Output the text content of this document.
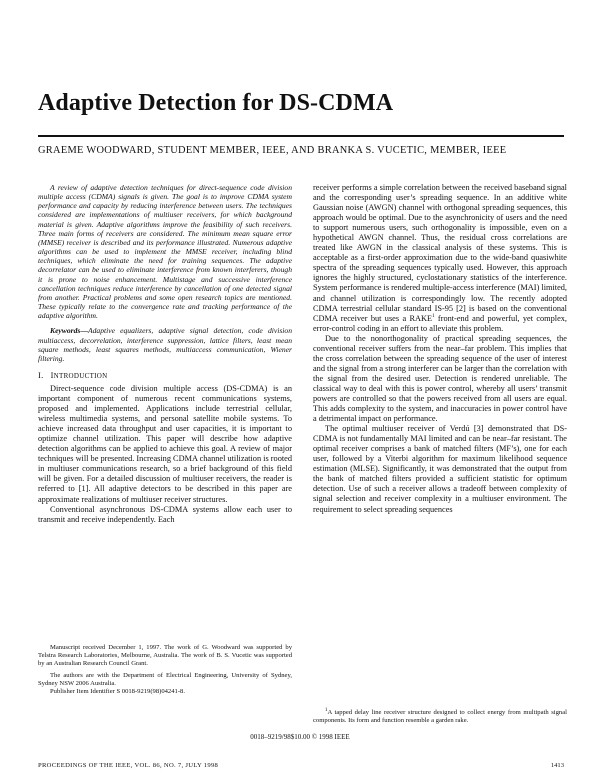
Adaptive Detection for DS-CDMA
GRAEME WOODWARD, STUDENT MEMBER, IEEE, AND BRANKA S. VUCETIC, MEMBER, IEEE

A review of adaptive detection techniques for direct-sequence code division multiple access (CDMA) signals is given. The goal is to improve CDMA system performance and capacity by reducing interference between users. The techniques considered are implementations of multiuser receivers, for which background material is given. Adaptive algorithms improve the feasibility of such receivers. Three main forms of receivers are considered. The minimum mean square error (MMSE) receiver is described and its performance illustrated. Numerous adaptive algorithms can be used to implement the MMSE receiver, including blind techniques, which eliminate the need for training sequences. The adaptive decorrelator can be used to eliminate interference from known interferers, though it is prone to noise enhancement. Multistage and successive interference cancellation techniques reduce interference by cancellation of one detected signal from another. Practical problems and some open research topics are mentioned. These typically relate to the convergence rate and tracking performance of the adaptive algorithm.

Keywords—Adaptive equalizers, adaptive signal detection, code division multiaccess, decorrelation, interference suppression, lattice filters, least mean square methods, least squares methods, multiaccess communication, Wiener filtering.

I. INTRODUCTION

Direct-sequence code division multiple access (DS-CDMA) is an important component of numerous recent communications systems, proposed and implemented. Applications include terrestrial cellular, wireless multimedia systems, and personal satellite mobile systems. To achieve increased data throughput and user capacities, it is important to optimize channel utilization. This paper will describe how adaptive detection algorithms can be applied to achieve this goal. A review of major techniques will be presented. Increasing CDMA channel utilization is rooted in multiuser communications research, so a brief background of this field will be given. For a detailed discussion of multiuser receivers, the reader is referred to [1]. All adaptive detectors to be described in this paper are approximate realizations of multiuser receiver structures.

Conventional asynchronous DS-CDMA systems allow each user to transmit and receive independently. Each

receiver performs a simple correlation between the received baseband signal and the corresponding user’s spreading sequence. In an additive white Gaussian noise (AWGN) channel with orthogonal spreading sequences, this approach would be optimal. Due to the asynchronicity of users and the need to support numerous users, such orthogonality is impossible, even on a hypothetical AWGN channel. Thus, the residual cross correlations are treated like AWGN in the classical analysis of these systems. This is acceptable as a first-order approximation due to the wide-band quasiwhite spectra of the spreading sequences typically used. However, this approach ignores the highly structured, cyclostationary statistics of the interference. System performance is rendered multiple-access interference (MAI) limited, and channel utilization is correspondingly low. The recently adopted CDMA terrestrial cellular standard IS-95 [2] is based on the conventional CDMA receiver but uses a RAKE$^1$ front-end and powerful, yet complex, error-control coding in an effort to alleviate this problem.

Due to the nonorthogonality of practical spreading sequences, the conventional receiver suffers from the near–far problem. This implies that the cross correlation between the spreading sequence of the user of interest and the signal from a strong interferer can be larger than the correlation with the signal from the desired user. Detection is rendered unreliable. The classical way to deal with this is power control, whereby all users’ transmit powers are controlled so that the powers received from all users are equal. This adds complexity to the system, and inaccuracies in power control have a detrimental impact on performance.

The optimal multiuser receiver of Verdú [3] demonstrated that DS-CDMA is not fundamentally MAI limited and can be near–far resistant. The optimal receiver comprises a bank of matched filters (MF’s), one for each user, followed by a Viterbi algorithm for maximum likelihood sequence estimation (MLSE). Significantly, it was demonstrated that the output from the bank of matched filters provided a sufficient statistic for optimum detection. Use of such a receiver allows a tradeoff between complexity of signal selection and receiver complexity in a multiuser environment. The requirement to select spreading sequences

Manuscript received December 1, 1997. The work of G. Woodward was supported by Telstra Research Laboratories, Melbourne, Australia. The work of B. S. Vucetic was supported by an Australian Research Council Grant.

The authors are with the Department of Electrical Engineering, University of Sydney, Sydney NSW 2006 Australia.

Publisher Item Identifier S 0018-9219(98)04241-8.

$^1$A tapped delay line receiver structure designed to collect energy from multipath signal components. Its form and function resemble a garden rake.

0018–9219/98$10.00 © 1998 IEEE
PROCEEDINGS OF THE IEEE, VOL. 86, NO. 7, JULY 1998	1413
